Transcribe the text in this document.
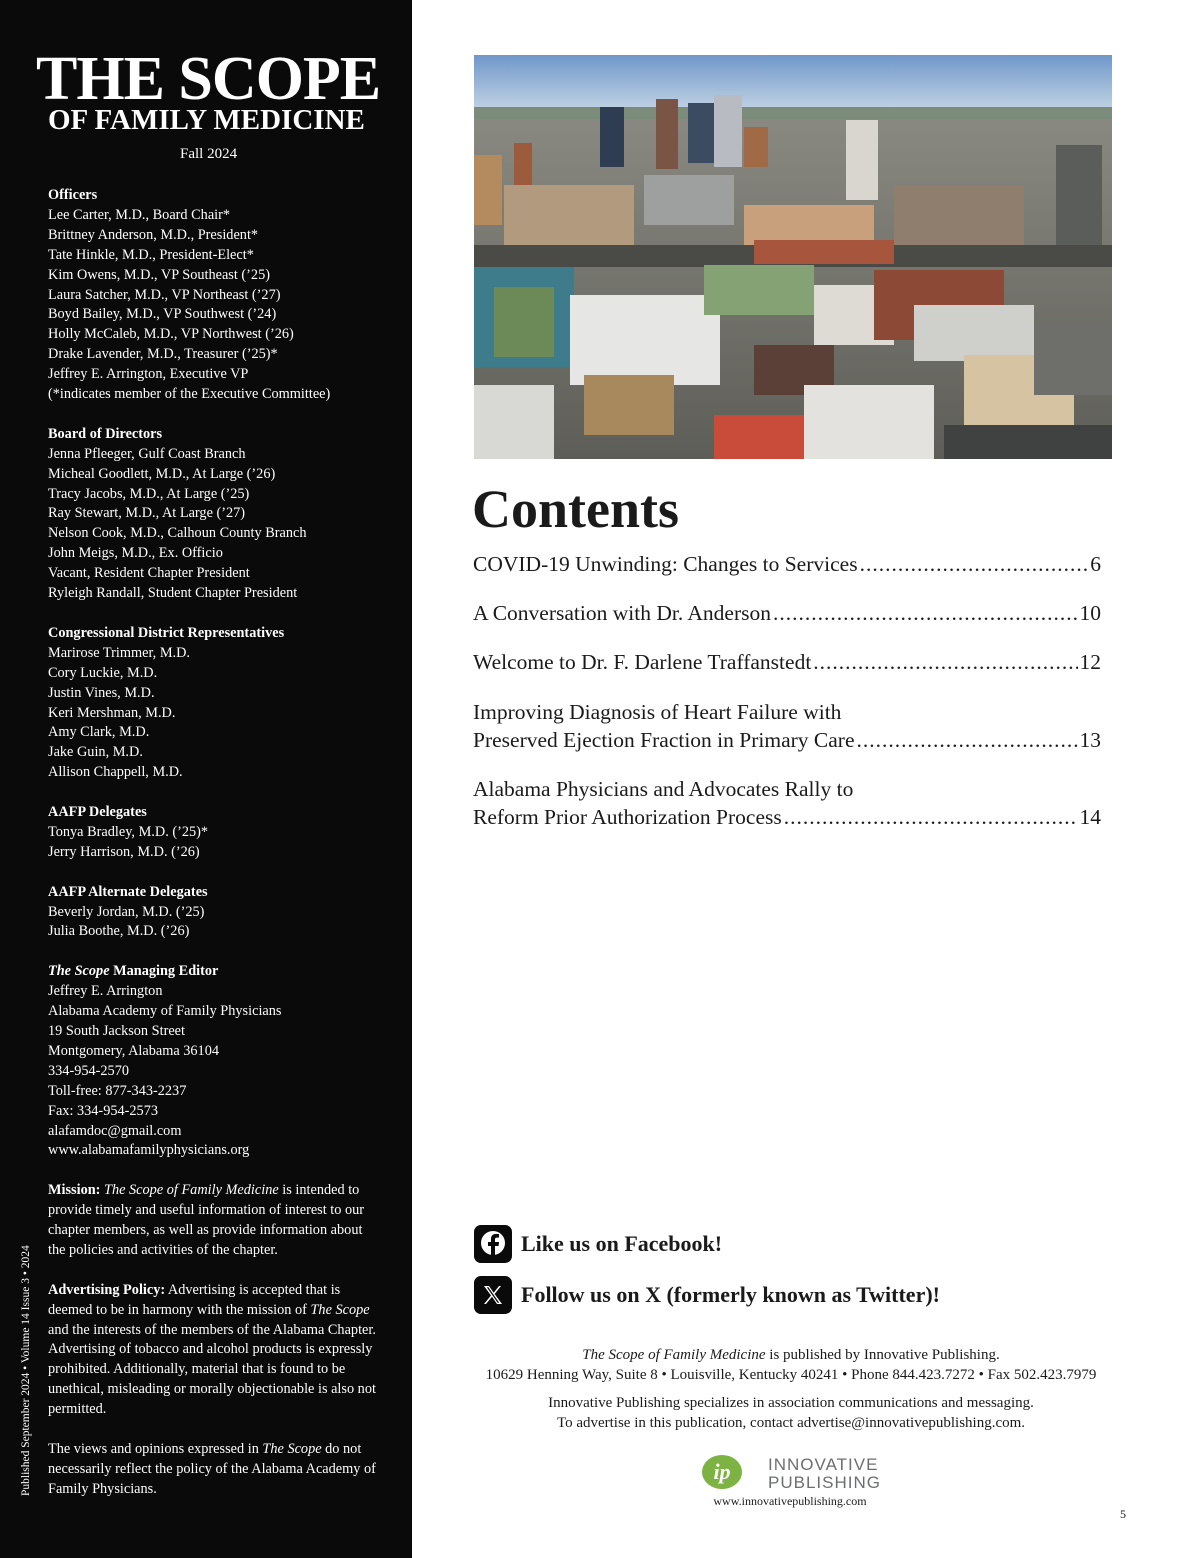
THE SCOPE
OF FAMILY MEDICINE
Fall 2024
Officers
Lee Carter, M.D., Board Chair*
Brittney Anderson, M.D., President*
Tate Hinkle, M.D., President-Elect*
Kim Owens, M.D., VP Southeast (’25)
Laura Satcher, M.D., VP Northeast (’27)
Boyd Bailey, M.D., VP Southwest (’24)
Holly McCaleb, M.D., VP Northwest (’26)
Drake Lavender, M.D., Treasurer (’25)*
Jeffrey E. Arrington, Executive VP
(*indicates member of the Executive Committee)
Board of Directors
Jenna Pfleeger, Gulf Coast Branch
Micheal Goodlett, M.D., At Large (’26)
Tracy Jacobs, M.D., At Large (’25)
Ray Stewart, M.D., At Large (’27)
Nelson Cook, M.D., Calhoun County Branch
John Meigs, M.D., Ex. Officio
Vacant, Resident Chapter President
Ryleigh Randall, Student Chapter President
Congressional District Representatives
Marirose Trimmer, M.D.
Cory Luckie, M.D.
Justin Vines, M.D.
Keri Mershman, M.D.
Amy Clark, M.D.
Jake Guin, M.D.
Allison Chappell, M.D.
AAFP Delegates
Tonya Bradley, M.D. (’25)*
Jerry Harrison, M.D. (’26)
AAFP Alternate Delegates
Beverly Jordan, M.D. (’25)
Julia Boothe, M.D. (’26)
The Scope Managing Editor
Jeffrey E. Arrington
Alabama Academy of Family Physicians
19 South Jackson Street
Montgomery, Alabama 36104
334-954-2570
Toll-free: 877-343-2237
Fax: 334-954-2573
alafamdoc@gmail.com
www.alabamafamilyphysicians.org
Mission: The Scope of Family Medicine is intended to provide timely and useful information of interest to our chapter members, as well as provide information about the policies and activities of the chapter.
Advertising Policy: Advertising is accepted that is deemed to be in harmony with the mission of The Scope and the interests of the members of the Alabama Chapter. Advertising of tobacco and alcohol products is expressly prohibited. Additionally, material that is found to be unethical, misleading or morally objectionable is also not permitted.
The views and opinions expressed in The Scope do not necessarily reflect the policy of the Alabama Academy of Family Physicians.
Published September 2024 • Volume 14 Issue 3 • 2024
Contents
COVID-19 Unwinding: Changes to Services .....	6
A Conversation with Dr. Anderson .....	10
Welcome to Dr. F. Darlene Traffanstedt .....	12
Improving Diagnosis of Heart Failure with
Preserved Ejection Fraction in Primary Care .....	13
Alabama Physicians and Advocates Rally to
Reform Prior Authorization Process .....	14
Like us on Facebook!
Follow us on X (formerly known as Twitter)!
The Scope of Family Medicine is published by Innovative Publishing.
10629 Henning Way, Suite 8 • Louisville, Kentucky 40241 • Phone 844.423.7272 • Fax 502.423.7979
Innovative Publishing specializes in association communications and messaging.
To advertise in this publication, contact advertise@innovativepublishing.com.
ip INNOVATIVE
PUBLISHING
www.innovativepublishing.com
5
